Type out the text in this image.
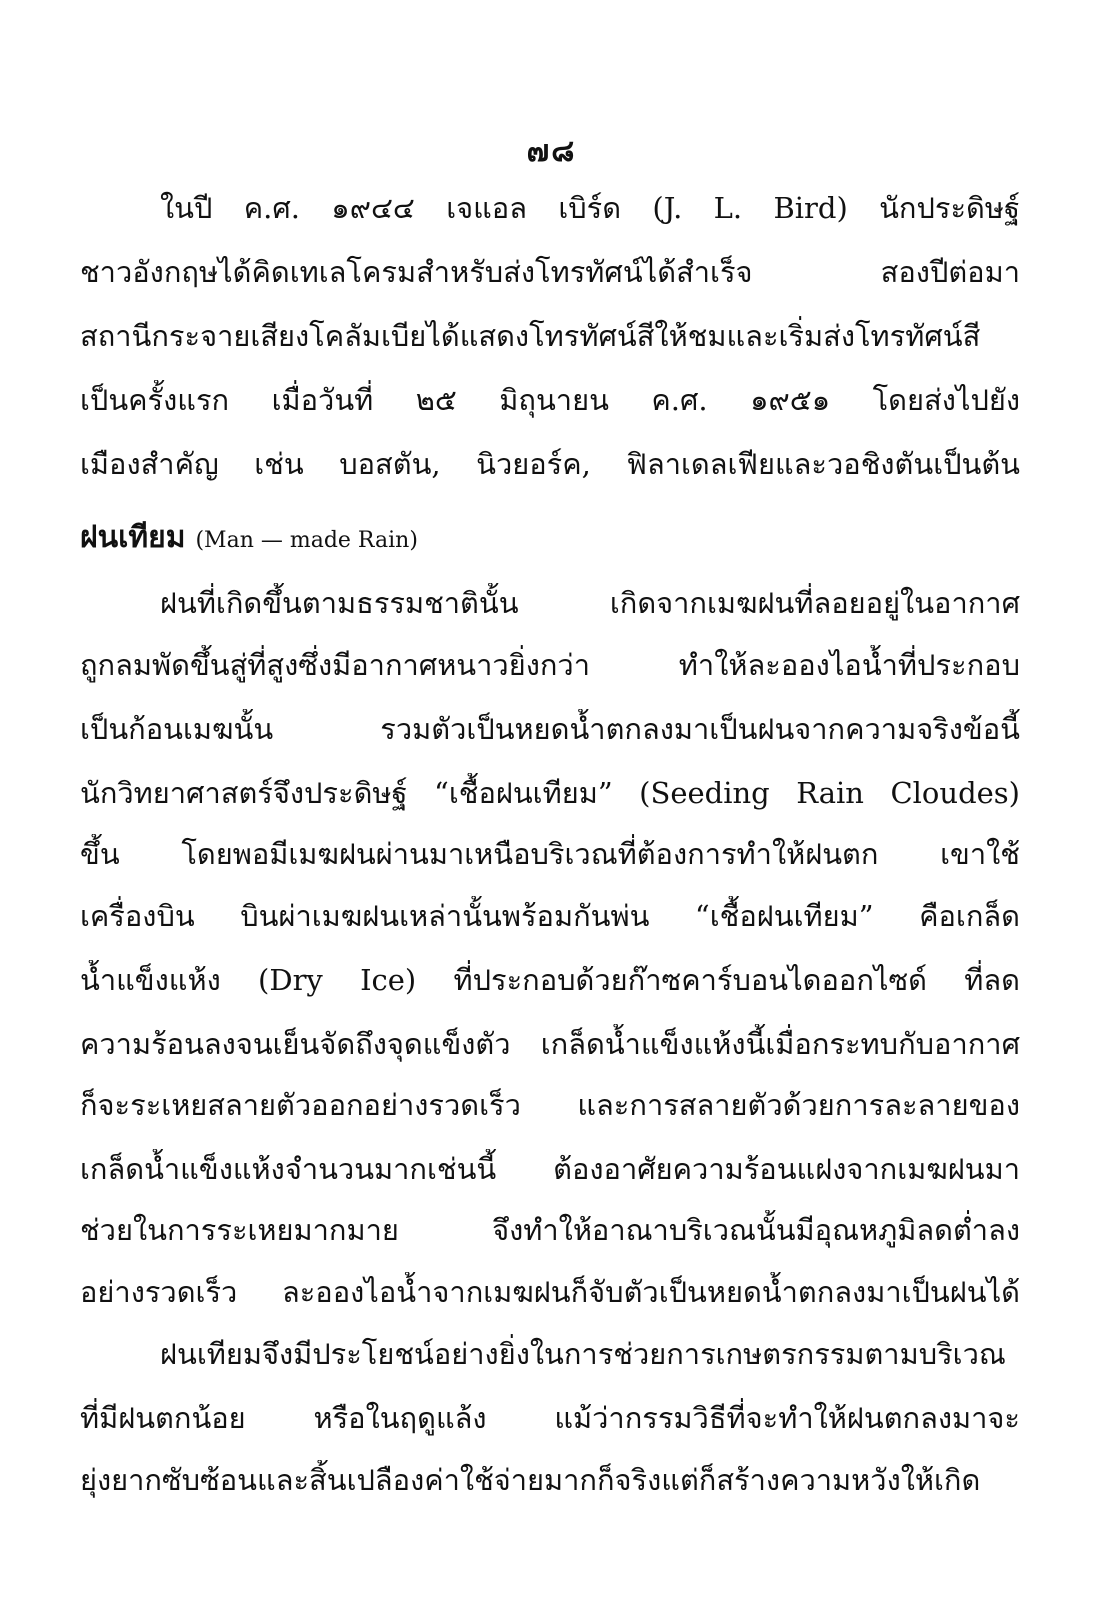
๗๘
ในปี ค.ศ. ๑๙๔๔ เจแอล เบิร์ด (J. L. Bird) นักประดิษฐ์
ชาวอังกฤษได้คิดเทเลโครมสำหรับส่งโทรทัศน์ได้สำเร็จ สองปีต่อมา
สถานีกระจายเสียงโคลัมเบียได้แสดงโทรทัศน์สีให้ชมและเริ่มส่งโทรทัศน์สี
เป็นครั้งแรก เมื่อวันที่ ๒๕ มิถุนายน ค.ศ. ๑๙๕๑ โดยส่งไปยัง
เมืองสำคัญ เช่น บอสตัน, นิวยอร์ค, ฟิลาเดลเฟียและวอชิงตันเป็นต้น
ฝนเทียม (Man — made Rain)
ฝนที่เกิดขึ้นตามธรรมชาตินั้น เกิดจากเมฆฝนที่ลอยอยู่ในอากาศ
ถูกลมพัดขึ้นสู่ที่สูงซึ่งมีอากาศหนาวยิ่งกว่า ทำให้ละอองไอน้ำที่ประกอบ
เป็นก้อนเมฆนั้น รวมตัวเป็นหยดน้ำตกลงมาเป็นฝนจากความจริงข้อนี้
นักวิทยาศาสตร์จึงประดิษฐ์ “เชื้อฝนเทียม” (Seeding Rain Cloudes)
ขึ้น โดยพอมีเมฆฝนผ่านมาเหนือบริเวณที่ต้องการทำให้ฝนตก เขาใช้
เครื่องบิน บินผ่าเมฆฝนเหล่านั้นพร้อมกันพ่น “เชื้อฝนเทียม” คือเกล็ด
น้ำแข็งแห้ง (Dry Ice) ที่ประกอบด้วยก๊าซคาร์บอนไดออกไซด์ ที่ลด
ความร้อนลงจนเย็นจัดถึงจุดแข็งตัว เกล็ดน้ำแข็งแห้งนี้เมื่อกระทบกับอากาศ
ก็จะระเหยสลายตัวออกอย่างรวดเร็ว และการสลายตัวด้วยการละลายของ
เกล็ดน้ำแข็งแห้งจำนวนมากเช่นนี้ ต้องอาศัยความร้อนแฝงจากเมฆฝนมา
ช่วยในการระเหยมากมาย จึงทำให้อาณาบริเวณนั้นมีอุณหภูมิลดต่ำลง
อย่างรวดเร็ว ละอองไอน้ำจากเมฆฝนก็จับตัวเป็นหยดน้ำตกลงมาเป็นฝนได้
ฝนเทียมจึงมีประโยชน์อย่างยิ่งในการช่วยการเกษตรกรรมตามบริเวณ
ที่มีฝนตกน้อย หรือในฤดูแล้ง แม้ว่ากรรมวิธีที่จะทำให้ฝนตกลงมาจะ
ยุ่งยากซับซ้อนและสิ้นเปลืองค่าใช้จ่ายมากก็จริงแต่ก็สร้างความหวังให้เกิด
